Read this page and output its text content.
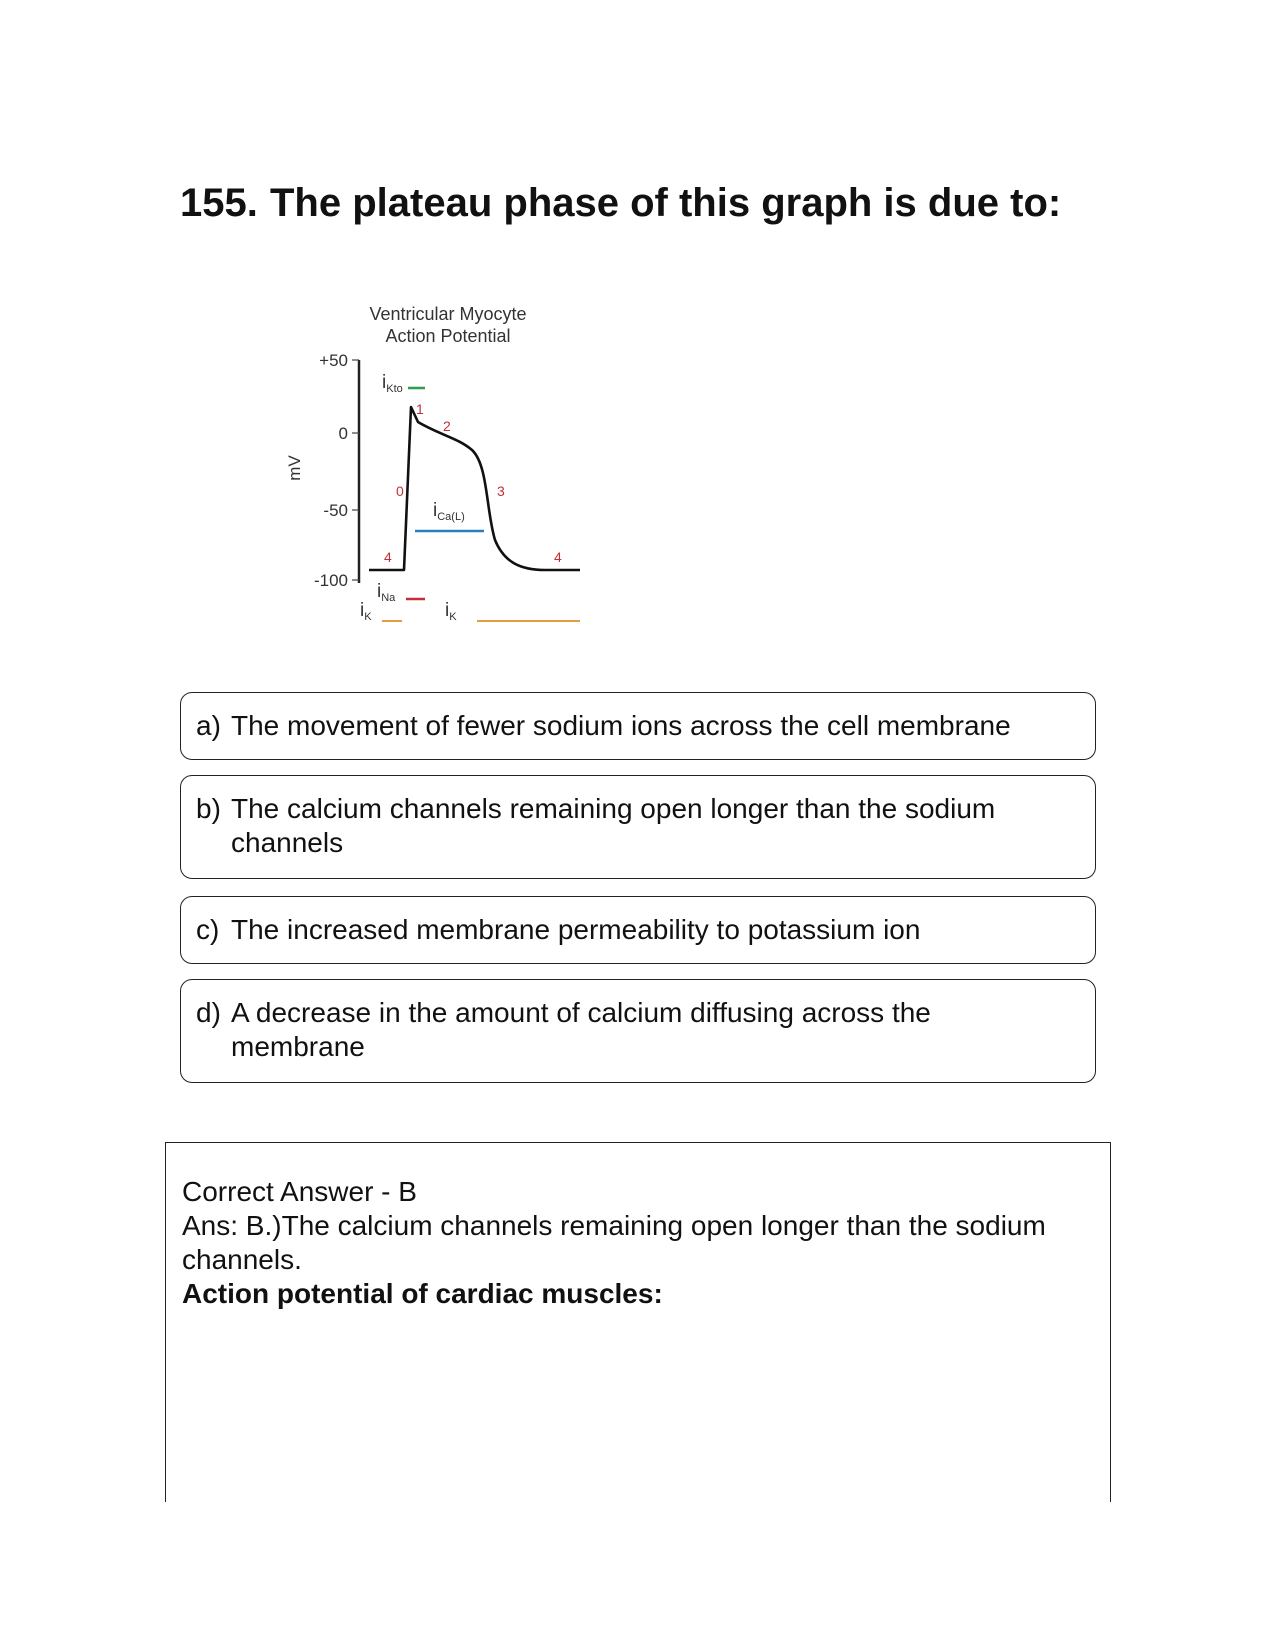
155. The plateau phase of this graph is due to:
Ventricular Myocyte
Action Potential
+50
0
-50
-100
mV
0
1
2
3
4	4
$i_{Kto}$
$i_{Ca(L)}$
$i_{Na}$
$i_K$	$i_K$
a) The movement of fewer sodium ions across the cell membrane
b) The calcium channels remaining open longer than the sodium channels
c) The increased membrane permeability to potassium ion
d) A decrease in the amount of calcium diffusing across the membrane

Correct Answer - B

Ans: B.)The calcium channels remaining open longer than the sodium channels.

Action potential of cardiac muscles:
